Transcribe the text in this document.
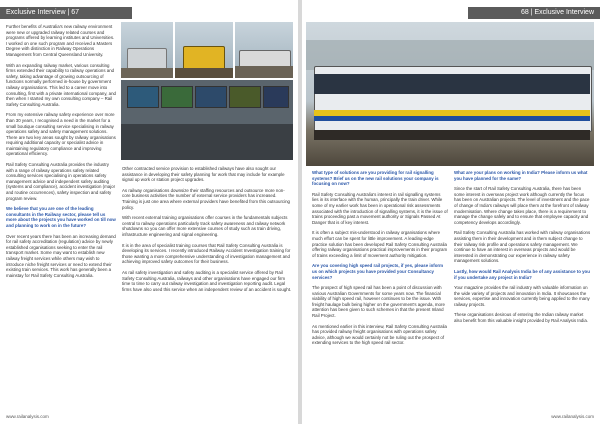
Exclusive Interview | 67

Further benefits of Australia's new railway environment were new or upgraded railway related courses and programs offered by learning institutes and Universities. I worked on one such program and received a Masters Degree with distinction in Railway Operations Management from Central Queensland University.

With an expanding railway market, various consulting firms extended their capability to railway operations and safety, taking advantage of growing outsourcing of functions normally performed in-house by government railway organisations. This led to a career move into consulting, first with a private international company, and then when I started my own consulting company – Rail Safety Consulting Australia.

From my extensive railway safety experience over more than 30 years, I recognised a need in the market for a small boutique consulting service specialising in railway operations safety and safety management solutions. There are two key areas sought by railway organisations requiring additional capacity or specialist advice in maintaining regulatory compliance and improving operational efficiency.

Rail Safety Consulting Australia provides the industry with a range of railway operations safety related consulting services specialising in operations safety management advice and independent safety auditing (systems and compliance), accident investigation (major and routine occurrences), safety inspection and safety program review.

We believe that you are one of the leading consultants in the Railway sector, please tell us more about the projects you have worked on till now and planning to work on in the future?

Over recent years there has been an increasing demand for rail safety accreditation (regulation) advice by newly established organisations seeking to enter the rail transport market. Some may want to establish new railway freight services while others may wish to introduce niche freight services or need to extend their existing train services. This work has generally been a mainstay for Rail Safety Consulting Australia.

Other contracted service provision to established railways have also sought our assistance in developing their safety planning for work that may include for example signal up work or station project upgrades.

As railway organisations downsize their staffing resources and outsource more non-core business activities the number of external service providers has increased. Training is just one area where external providers have benefited from this outsourcing policy.

With recent external training organisations offer courses in the fundamentals subjects central to railway operations particularly track safety awareness and railway network shutdowns so you can offer more extensive courses of study such as train driving, infrastructure engineering and signal engineering.

It is in the area of specialist training courses that Rail Safety Consulting Australia is developing its services. I recently introduced Railway Accident Investigation training for those wanting a more comprehensive understanding of investigation management and achieving improved safety outcomes for their business.

As rail safety investigation and safety auditing is a specialist service offered by Rail Safety Consulting Australia, railways and other organisations have engaged our firm time to time to carry out railway investigation and investigation reporting audit. Legal firms have also used this service when an independent review of an accident is sought.

www.railanalysis.com
68 | Exclusive Interview

What type of solutions are you providing for rail signalling systems? Brief us on the new rail solutions your company is focusing on now?

Rail Safety Consulting Australia's interest in rail signalling systems lies in its interface with the human, principally the train driver. While some of my earlier work has been in operational risk assessments associated with the introduction of signalling systems, it is the issue of trains proceeding past a movement authority or Signals Passed At Danger that is of key interest.

It is often a subject mis-understood in railway organisations where much effort can be spent for little improvement. A leading-edge practice solution has been developed Rail Safety Consulting Australia offering railway organisations practical improvements in their program of trains exceeding a limit of movement authority mitigation.

Are you covering high speed rail projects, if yes, please inform us on which projects you have provided your Consultancy services?

The prospect of high speed rail has been a point of discussion with various Australian Governments for some years now. The financial viability of high speed rail, however continues to be the issue. With freight haulage bulk being higher on the government's agenda, more attention has been given to such schemes in that the present Inland Rail Project.

As mentioned earlier in this interview, Rail Safety Consulting Australia has provided railway freight organisations with operations safety advice, although we would certainly not be ruling out the prospect of extending services to the high speed rail sector.

What are your plans on working in India? Please inform us what you have planned for the same?

Since the start of Rail Safety Consulting Australia, there has been some interest in overseas project work although currently the focus has been on Australian projects. The level of investment and the pace of change of India's railways will place them at the forefront of railway modernisation. Where change takes place, there is a requirement to manage the change safely and to ensure that employee capacity and competency develops accordingly.

Rail Safety Consulting Australia has worked with railway organisations assisting them in their development and in them subject change to their railway risk profile and operations safety management. We continue to have an interest in overseas projects and would be interested in demonstrating our experience in railway safety management solutions.

Lastly, how would Rail Analysis India be of any assistance to you if you undertake any project in India?

Your magazine provides the rail industry with valuable information on the wide variety of projects and innovation in India. It showcases the services, expertise and innovation currently being applied to the many railway projects.

These organisations desirous of entering the Indian railway market also benefit from this valuable insight provided by Rail Analysis India.

www.railanalysis.com
